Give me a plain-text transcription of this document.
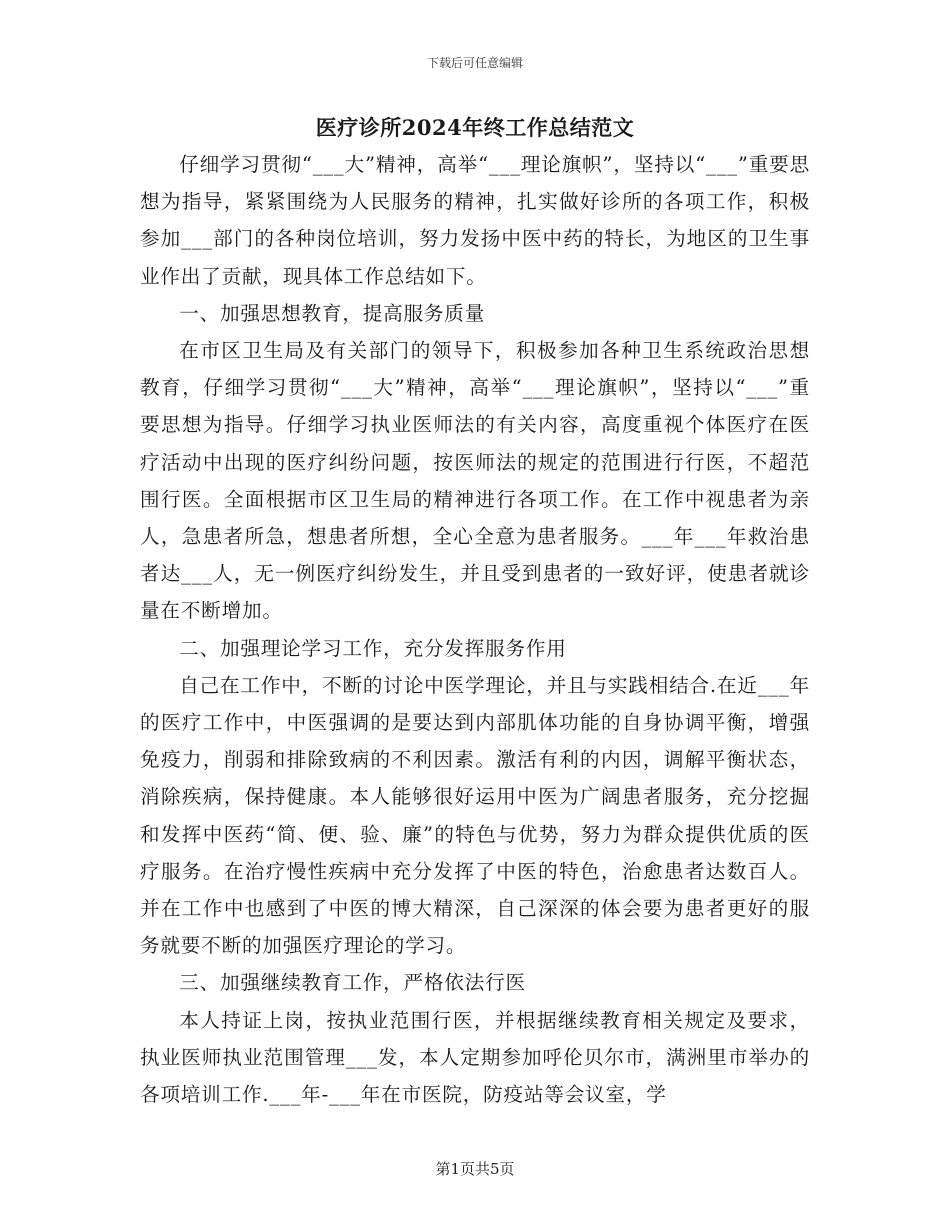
下载后可任意编辑
医疗诊所2024年终工作总结范文

仔细学习贯彻“___大”精神，高举“___理论旗帜”，坚持以“___”重要思想为指导，紧紧围绕为人民服务的精神，扎实做好诊所的各项工作，积极参加___部门的各种岗位培训，努力发扬中医中药的特长，为地区的卫生事业作出了贡献，现具体工作总结如下。

一、加强思想教育，提高服务质量

在市区卫生局及有关部门的领导下，积极参加各种卫生系统政治思想教育，仔细学习贯彻“___大”精神，高举“___理论旗帜”，坚持以“___”重要思想为指导。仔细学习执业医师法的有关内容，高度重视个体医疗在医疗活动中出现的医疗纠纷问题，按医师法的规定的范围进行行医，不超范围行医。全面根据市区卫生局的精神进行各项工作。在工作中视患者为亲人，急患者所急，想患者所想，全心全意为患者服务。___年___年救治患者达___人，无一例医疗纠纷发生，并且受到患者的一致好评，使患者就诊量在不断增加。

二、加强理论学习工作，充分发挥服务作用

自己在工作中，不断的讨论中医学理论，并且与实践相结合.在近___年的医疗工作中，中医强调的是要达到内部肌体功能的自身协调平衡，增强免疫力，削弱和排除致病的不利因素。激活有利的内因，调解平衡状态，消除疾病，保持健康。本人能够很好运用中医为广阔患者服务，充分挖掘和发挥中医药“简、便、验、廉”的特色与优势，努力为群众提供优质的医疗服务。在治疗慢性疾病中充分发挥了中医的特色，治愈患者达数百人。并在工作中也感到了中医的博大精深，自己深深的体会要为患者更好的服务就要不断的加强医疗理论的学习。

三、加强继续教育工作，严格依法行医

本人持证上岗，按执业范围行医，并根据继续教育相关规定及要求，执业医师执业范围管理___发，本人定期参加呼伦贝尔市，满洲里市举办的各项培训工作.___年-___年在市医院，防疫站等会议室，学

第1页共5页
